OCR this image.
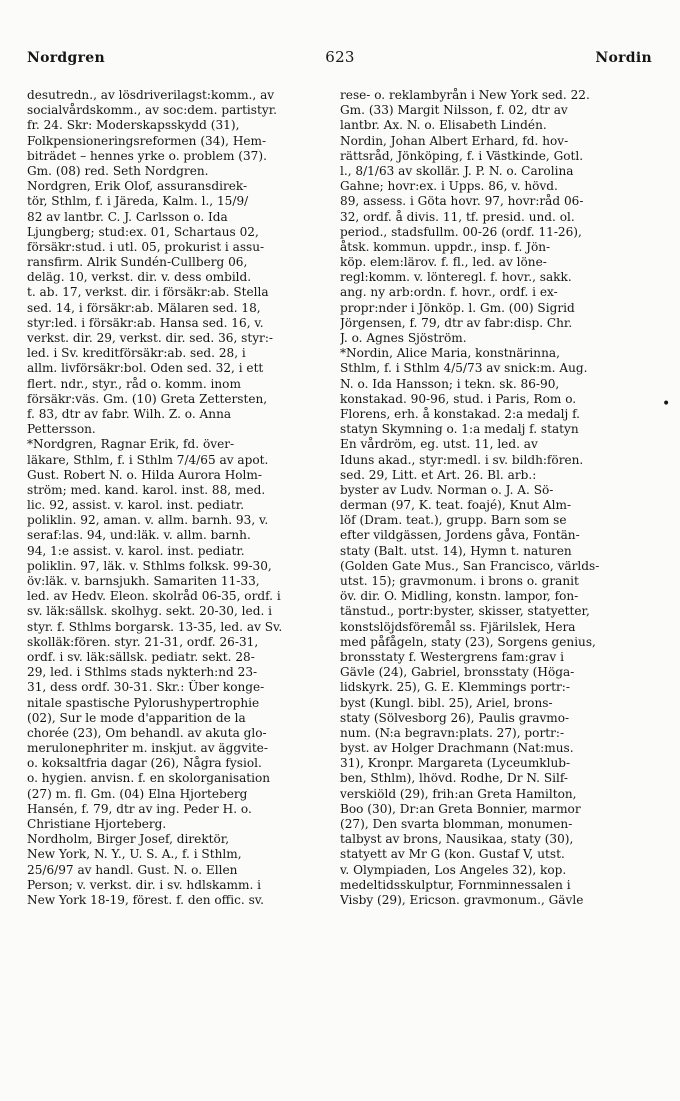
Nordgren	623	Nordin
desutredn., av lösdriverilagst:komm., av
socialvårdskomm., av soc:dem. partistyr.
fr. 24. Skr: Moderskapsskydd (31),
Folkpensioneringsreformen (34), Hem-
biträdet – hennes yrke o. problem (37).
Gm. (08) red. Seth Nordgren.
Nordgren, Erik Olof, assuransdirek-
tör, Sthlm, f. i Järeda, Kalm. l., 15/9/
82 av lantbr. C. J. Carlsson o. Ida
Ljungberg; stud:ex. 01, Schartaus 02,
försäkr:stud. i utl. 05, prokurist i assu-
ransfirm. Alrik Sundén-Cullberg 06,
deläg. 10, verkst. dir. v. dess ombild.
t. ab. 17, verkst. dir. i försäkr:ab. Stella
sed. 14, i försäkr:ab. Mälaren sed. 18,
styr:led. i försäkr:ab. Hansa sed. 16, v.
verkst. dir. 29, verkst. dir. sed. 36, styr:-
led. i Sv. kreditförsäkr:ab. sed. 28, i
allm. livförsäkr:bol. Oden sed. 32, i ett
flert. ndr., styr., råd o. komm. inom
försäkr:väs. Gm. (10) Greta Zettersten,
f. 83, dtr av fabr. Wilh. Z. o. Anna
Pettersson.
*Nordgren, Ragnar Erik, fd. över-
läkare, Sthlm, f. i Sthlm 7/4/65 av apot.
Gust. Robert N. o. Hilda Aurora Holm-
ström; med. kand. karol. inst. 88, med.
lic. 92, assist. v. karol. inst. pediatr.
poliklin. 92, aman. v. allm. barnh. 93, v.
seraf:las. 94, und:läk. v. allm. barnh.
94, 1:e assist. v. karol. inst. pediatr.
poliklin. 97, läk. v. Sthlms folksk. 99-30,
öv:läk. v. barnsjukh. Samariten 11-33,
led. av Hedv. Eleon. skolråd 06-35, ordf. i
sv. läk:sällsk. skolhyg. sekt. 20-30, led. i
styr. f. Sthlms borgarsk. 13-35, led. av Sv.
skolläk:fören. styr. 21-31, ordf. 26-31,
ordf. i sv. läk:sällsk. pediatr. sekt. 28-
29, led. i Sthlms stads nykterh:nd 23-
31, dess ordf. 30-31. Skr.: Über konge-
nitale spastische Pylorushypertrophie
(02), Sur le mode d'apparition de la
chorée (23), Om behandl. av akuta glo-
merulonephriter m. inskjut. av äggvite-
o. koksaltfria dagar (26), Några fysiol.
o. hygien. anvisn. f. en skolorganisation
(27) m. fl. Gm. (04) Elna Hjorteberg
Hansén, f. 79, dtr av ing. Peder H. o.
Christiane Hjorteberg.
Nordholm, Birger Josef, direktör,
New York, N. Y., U. S. A., f. i Sthlm,
25/6/97 av handl. Gust. N. o. Ellen
Person; v. verkst. dir. i sv. hdlskamm. i
New York 18-19, förest. f. den offic. sv.
rese- o. reklambyrån i New York sed. 22.
Gm. (33) Margit Nilsson, f. 02, dtr av
lantbr. Ax. N. o. Elisabeth Lindén.
Nordin, Johan Albert Erhard, fd. hov-
rättsråd, Jönköping, f. i Västkinde, Gotl.
l., 8/1/63 av skollär. J. P. N. o. Carolina
Gahne; hovr:ex. i Upps. 86, v. hövd.
89, assess. i Göta hovr. 97, hovr:råd 06-
32, ordf. å divis. 11, tf. presid. und. ol.
period., stadsfullm. 00-26 (ordf. 11-26),
åtsk. kommun. uppdr., insp. f. Jön-
köp. elem:lärov. f. fl., led. av löne-
regl:komm. v. lönteregl. f. hovr., sakk.
ang. ny arb:ordn. f. hovr., ordf. i ex-
propr:nder i Jönköp. l. Gm. (00) Sigrid
Jörgensen, f. 79, dtr av fabr:disp. Chr.
J. o. Agnes Sjöström.
*Nordin, Alice Maria, konstnärinna,
Sthlm, f. i Sthlm 4/5/73 av snick:m. Aug.
N. o. Ida Hansson; i tekn. sk. 86-90,
konstakad. 90-96, stud. i Paris, Rom o.
Florens, erh. å konstakad. 2:a medalj f.
statyn Skymning o. 1:a medalj f. statyn
En vårdröm, eg. utst. 11, led. av
Iduns akad., styr:medl. i sv. bildh:fören.
sed. 29, Litt. et Art. 26. Bl. arb.:
byster av Ludv. Norman o. J. A. Sö-
derman (97, K. teat. foajé), Knut Alm-
löf (Dram. teat.), grupp. Barn som se
efter vildgässen, Jordens gåva, Fontän-
staty (Balt. utst. 14), Hymn t. naturen
(Golden Gate Mus., San Francisco, världs-
utst. 15); gravmonum. i brons o. granit
öv. dir. O. Midling, konstn. lampor, fon-
tänstud., portr:byster, skisser, statyetter,
konstslöjdsföremål ss. Fjärilslek, Hera
med påfågeln, staty (23), Sorgens genius,
bronsstaty f. Westergrens fam:grav i
Gävle (24), Gabriel, bronsstaty (Höga-
lidskyrk. 25), G. E. Klemmings portr:-
byst (Kungl. bibl. 25), Ariel, brons-
staty (Sölvesborg 26), Paulis gravmo-
num. (N:a begravn:plats. 27), portr:-
byst. av Holger Drachmann (Nat:mus.
31), Kronpr. Margareta (Lyceumklub-
ben, Sthlm), lhövd. Rodhe, Dr N. Silf-
verskiöld (29), frih:an Greta Hamilton,
Boo (30), Dr:an Greta Bonnier, marmor
(27), Den svarta blomman, monumen-
talbyst av brons, Nausikaa, staty (30),
statyett av Mr G (kon. Gustaf V, utst.
v. Olympiaden, Los Angeles 32), kop.
medeltidsskulptur, Fornminnessalen i
Visby (29), Ericson. gravmonum., Gävle
•
